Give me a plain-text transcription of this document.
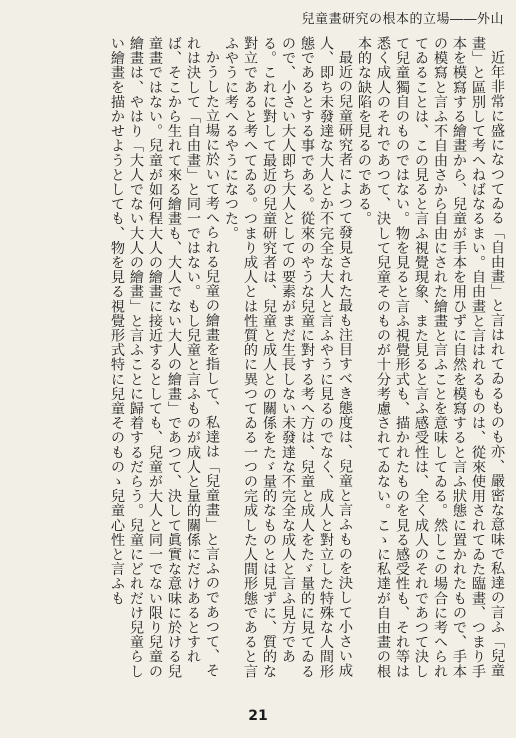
兒童畫研究の根本的立場――外山

近年非常に盛になつてゐる「自由畫」と言はれてゐるものも亦、嚴密な意味で私達の言ふ「兒童畫」と區別して考へねばなるまい。自由畫と言はれるものは、從來使用されてゐた臨畫、つまり手本を模寫する繪畫から、兒童が手本を用ひずに自然を模寫すると言ふ狀態に置かれたもので、手本の模寫と言ふ不自由さから自由にされた繪畫と言ふことを意味してゐる。然しこの場合に考へられてゐることは、この見ると言ふ視覺現象、また見ると言ふ感受性は、全く成人のそれであつて決して兒童獨自のものではない。物を見ると言ふ視覺形式も、描かれたものを見る感受性も、それ等は悉く成人のそれであつて、決して兒童そのものが十分考慮されてゐない。こゝに私達が自由畫の根本的な缺陷を見るのである。

最近の兒童研究者によつて發見された最も注目すべき態度は、兒童と言ふものを決して小さい成人、即ち未發達な大人とか不完全な大人と言ふやうに見るのでなく、成人と對立した特殊な人間形態であるとする事である。從來のやうな兒童に對する考へ方は、兒童と成人をたゞ量的に見てゐるので、小さい大人即ち大人としての要素がまだ生長しない未發達な不完全な成人と言ふ見方である。これに對して最近の兒童研究者は、兒童と成人との關係をたゞ量的なものとは見ずに、質的な對立であると考へてゐる。つまり成人とは性質的に異つてゐる一つの完成した人間形態であると言ふやうに考へるやうになつた。

かうした立場に於いて考へられる兒童の繪畫を指して、私達は「兒童畫」と言ふのであつて、それは決して「自由畫」と同一ではない。もし兒童と言ふものが成人と量的關係にだけあるとすれば、そこから生れて來る繪畫も、大人でない大人の繪畫」であつて、決して眞實な意味に於ける兒童畫ではない。兒童が如何程大人の繪畫に接近するとしても、兒童が大人と同一でない限り兒童の繪畫は、やはり「大人でない大人の繪畫」と言ふことに歸着するだらう。兒童にどれだけ兒童らしい繪畫を描かせようとしても、物を見る視覺形式特に兒童そのものゝ兒童心性と言ふも

21
